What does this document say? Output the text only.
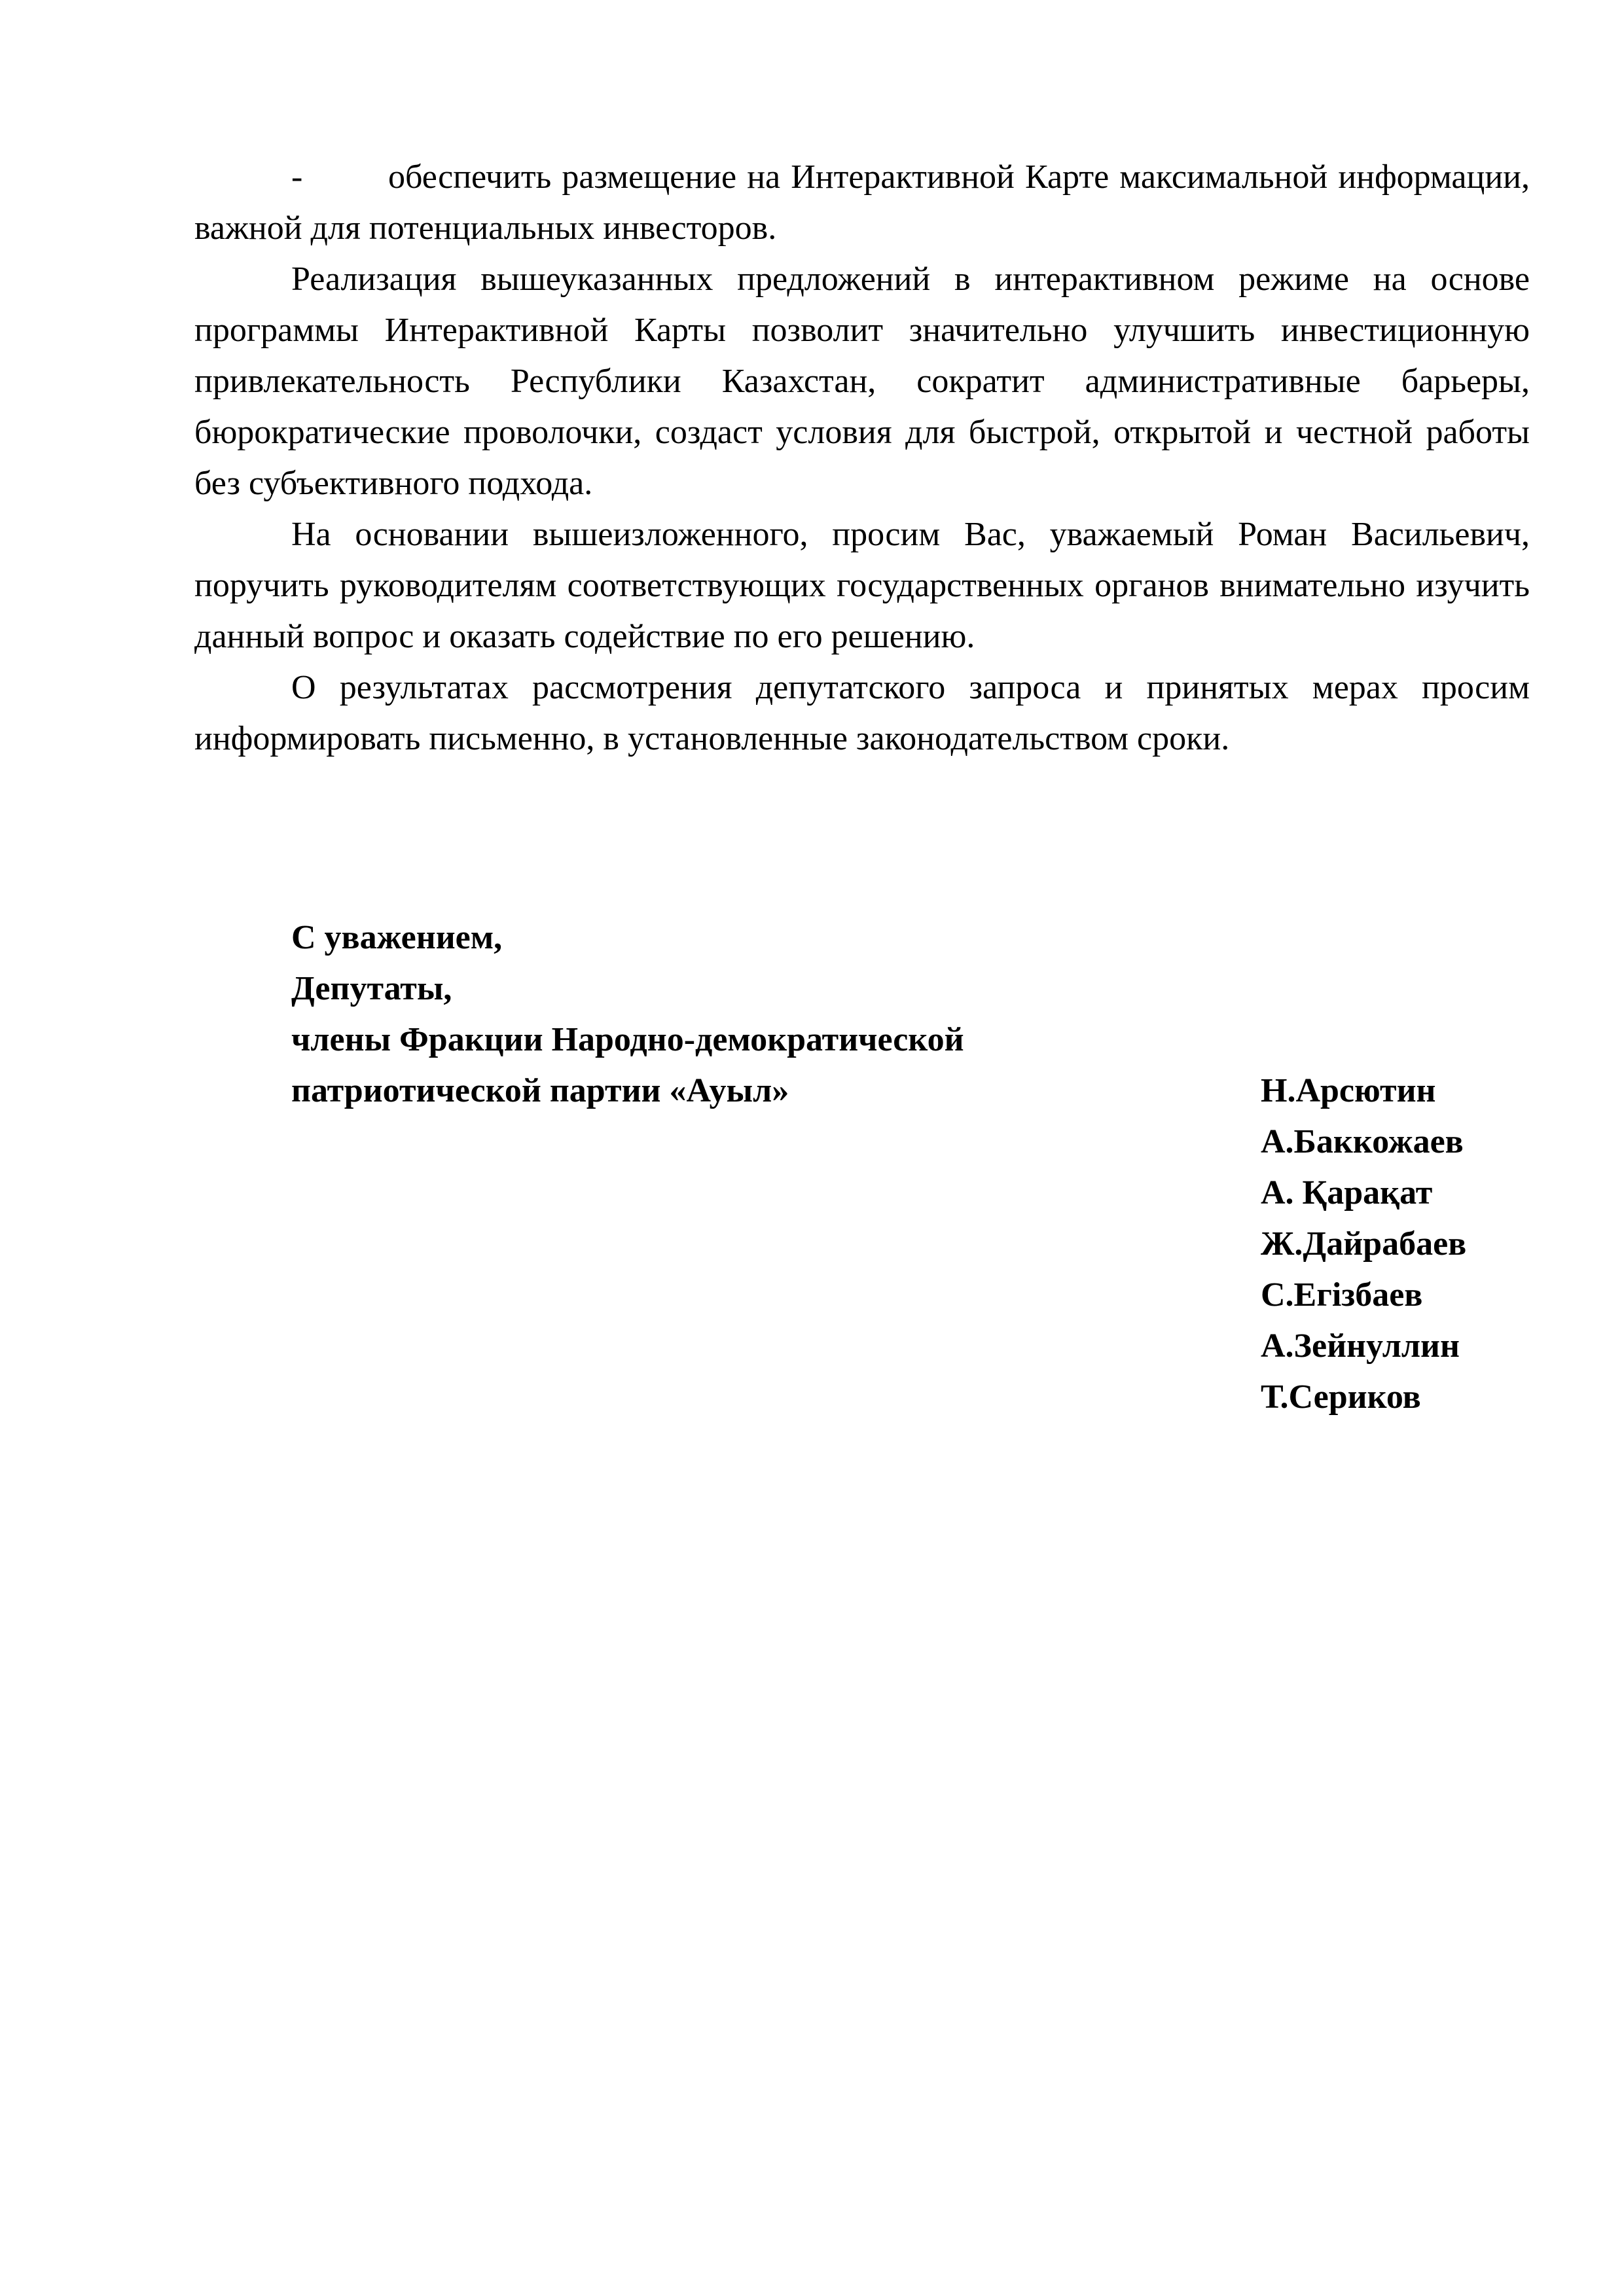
-	обеспечить размещение на Интерактивной Карте максимальной информации, важной для потенциальных инвесторов.

Реализация вышеуказанных предложений в интерактивном режиме на основе программы Интерактивной Карты позволит значительно улучшить инвестиционную привлекательность Республики Казахстан, сократит административные барьеры, бюрократические проволочки, создаст условия для быстрой, открытой и честной работы без субъективного подхода.

На основании вышеизложенного, просим Вас, уважаемый Роман Васильевич, поручить руководителям соответствующих государственных органов внимательно изучить данный вопрос и оказать содействие по его решению.

О результатах рассмотрения депутатского запроса и принятых мерах просим информировать письменно, в установленные законодательством сроки.

С уважением,
Депутаты,
члены Фракции Народно-демократической
патриотической партии «Ауыл»	Н.Арсютин
А.Баккожаев
А. Қарақат
Ж.Дайрабаев
С.Егізбаев
А.Зейнуллин
Т.Сериков
